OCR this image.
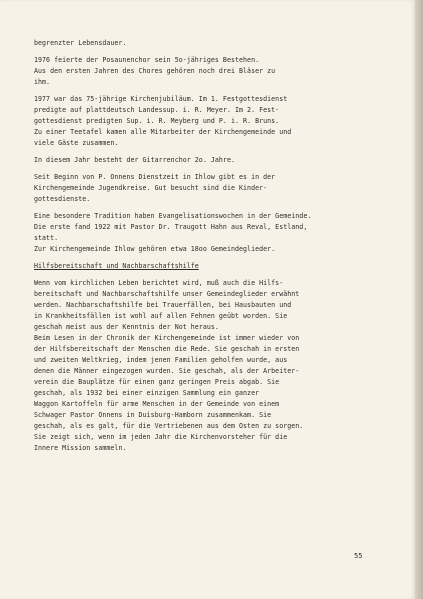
begrenzter Lebensdauer.
1976 feierte der Posaunenchor sein 5o-jähriges Bestehen.
Aus den ersten Jahren des Chores gehören noch drei Bläser zu
ihm.
1977 war das 75-jährige Kirchenjubiläum. Im 1. Festgottesdienst
predigte auf plattdeutsch Landessup. i. R. Meyer. Im 2. Fest-
gottesdienst predigten Sup. i. R. Meyberg und P. i. R. Bruns.
Zu einer Teetafel kamen alle Mitarbeiter der Kirchengemeinde und
viele Gäste zusammen.
In diesem Jahr besteht der Gitarrenchor 2o. Jahre.
Seit Beginn von P. Onnens Dienstzeit in Ihlow gibt es in der
Kirchengemeinde Jugendkreise. Gut besucht sind die Kinder-
gottesdienste.
Eine besondere Tradition haben Evangelisationswochen in der Gemeinde.
Die erste fand 1922 mit Pastor Dr. Traugott Hahn aus Reval, Estland,
statt.
Zur Kirchengemeinde Ihlow gehören etwa 18oo Gemeindeglieder.
Hilfsbereitschaft und Nachbarschaftshilfe
Wenn vom kirchlichen Leben berichtet wird, muß auch die Hilfs-
bereitschaft und Nachbarschaftshilfe unser Gemeindeglieder erwähnt
werden. Nachbarschaftshilfe bei Trauerfällen, bei Hausbauten und
in Krankheitsfällen ist wohl auf allen Fehnen geübt worden. Sie
geschah meist aus der Kenntnis der Not heraus.
Beim Lesen in der Chronik der Kirchengemeinde ist immer wieder von
der Hilfsbereitschaft der Menschen die Rede. Sie geschah in ersten
und zweiten Weltkrieg, indem jenen Familien geholfen wurde, aus
denen die Männer eingezogen wurden. Sie geschah, als der Arbeiter-
verein die Bauplätze für einen ganz geringen Preis abgab. Sie
geschah, als 1932 bei einer einzigen Sammlung ein ganzer
Waggon Kartoffeln für arme Menschen in der Gemeinde von einem
Schwager Pastor Onnens in Duisburg-Hamborn zusammenkam. Sie
geschah, als es galt, für die Vertriebenen aus dem Osten zu sorgen.
Sie zeigt sich, wenn im jeden Jahr die Kirchenvorsteher für die
Innere Mission sammeln.
55
